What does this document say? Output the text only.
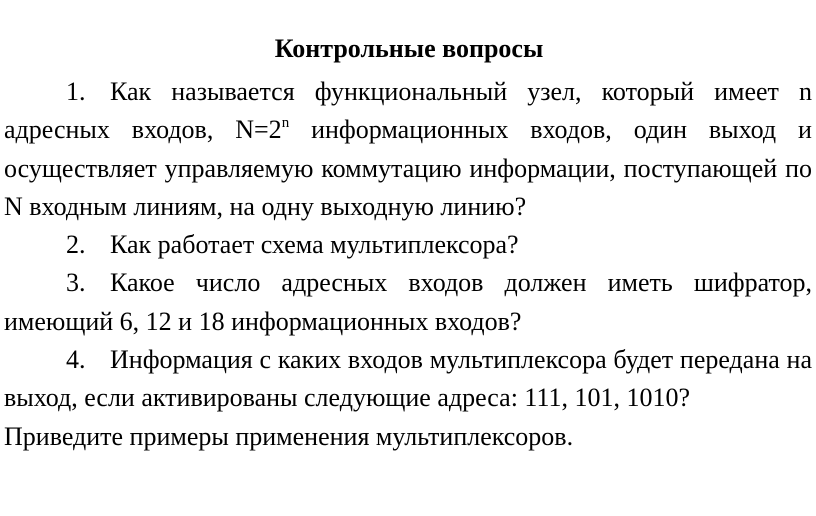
Контрольные вопросы

1. Как называется функциональный узел, который имеет n адресных входов, $N=2^n$ информационных входов, один выход и осуществляет управляемую коммутацию информации, поступающей по N входным линиям, на одну выходную линию?

2. Как работает схема мультиплексора?

3. Какое число адресных входов должен иметь шифратор, имеющий 6, 12 и 18 информационных входов?

4. Информация с каких входов мультиплексора будет передана на выход, если активированы следующие адреса: 111, 101, 1010?

Приведите примеры применения мультиплексоров.
